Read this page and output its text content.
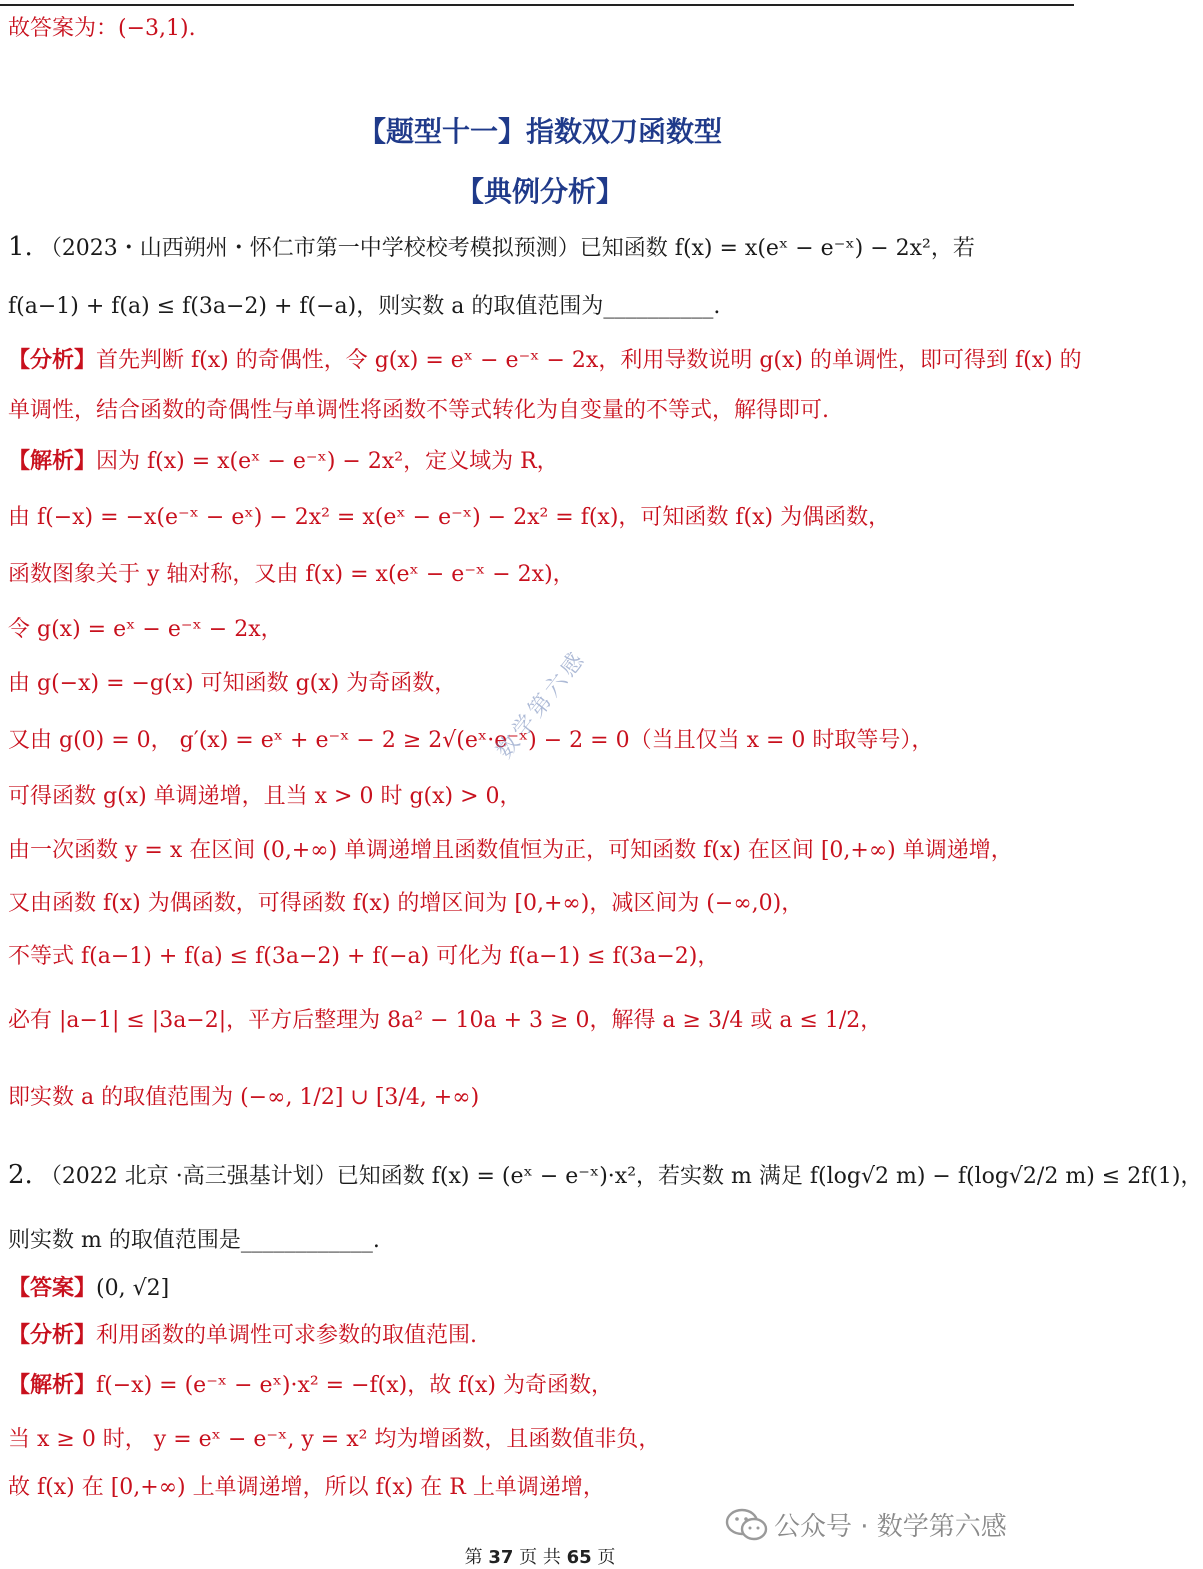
故答案为：(−3,1).
【题型十一】指数双刀函数型
【典例分析】
1. （2023・山西朔州・怀仁市第一中学校校考模拟预测）已知函数 f(x) = x(eˣ − e⁻ˣ) − 2x²，若
f(a−1) + f(a) ≤ f(3a−2) + f(−a)，则实数 a 的取值范围为__________.
【分析】首先判断 f(x) 的奇偶性，令 g(x) = eˣ − e⁻ˣ − 2x，利用导数说明 g(x) 的单调性，即可得到 f(x) 的
单调性，结合函数的奇偶性与单调性将函数不等式转化为自变量的不等式，解得即可.
【解析】因为 f(x) = x(eˣ − e⁻ˣ) − 2x²，定义域为 R，
由 f(−x) = −x(e⁻ˣ − eˣ) − 2x² = x(eˣ − e⁻ˣ) − 2x² = f(x)，可知函数 f(x) 为偶函数，
函数图象关于 y 轴对称，又由 f(x) = x(eˣ − e⁻ˣ − 2x)，
令 g(x) = eˣ − e⁻ˣ − 2x，
由 g(−x) = −g(x) 可知函数 g(x) 为奇函数，
又由 g(0) = 0， g′(x) = eˣ + e⁻ˣ − 2 ≥ 2√(eˣ·e⁻ˣ) − 2 = 0（当且仅当 x = 0 时取等号），
可得函数 g(x) 单调递增，且当 x > 0 时 g(x) > 0，
由一次函数 y = x 在区间 (0,+∞) 单调递增且函数值恒为正，可知函数 f(x) 在区间 [0,+∞) 单调递增，
又由函数 f(x) 为偶函数，可得函数 f(x) 的增区间为 [0,+∞)，减区间为 (−∞,0)，
不等式 f(a−1) + f(a) ≤ f(3a−2) + f(−a) 可化为 f(a−1) ≤ f(3a−2)，
必有 |a−1| ≤ |3a−2|，平方后整理为 8a² − 10a + 3 ≥ 0，解得 a ≥ 3/4 或 a ≤ 1/2，
即实数 a 的取值范围为 (−∞, 1/2] ∪ [3/4, +∞)
2. （2022 北京 ·高三强基计划）已知函数 f(x) = (eˣ − e⁻ˣ)·x²，若实数 m 满足 f(log√2 m) − f(log√2/2 m) ≤ 2f(1)，
则实数 m 的取值范围是____________.
【答案】(0, √2]
【分析】利用函数的单调性可求参数的取值范围.
【解析】f(−x) = (e⁻ˣ − eˣ)·x² = −f(x)，故 f(x) 为奇函数，
当 x ≥ 0 时， y = eˣ − e⁻ˣ, y = x² 均为增函数，且函数值非负，
故 f(x) 在 [0,+∞) 上单调递增，所以 f(x) 在 R 上单调递增，
数学第六感
公众号 · 数学第六感
第 37 页 共 65 页
